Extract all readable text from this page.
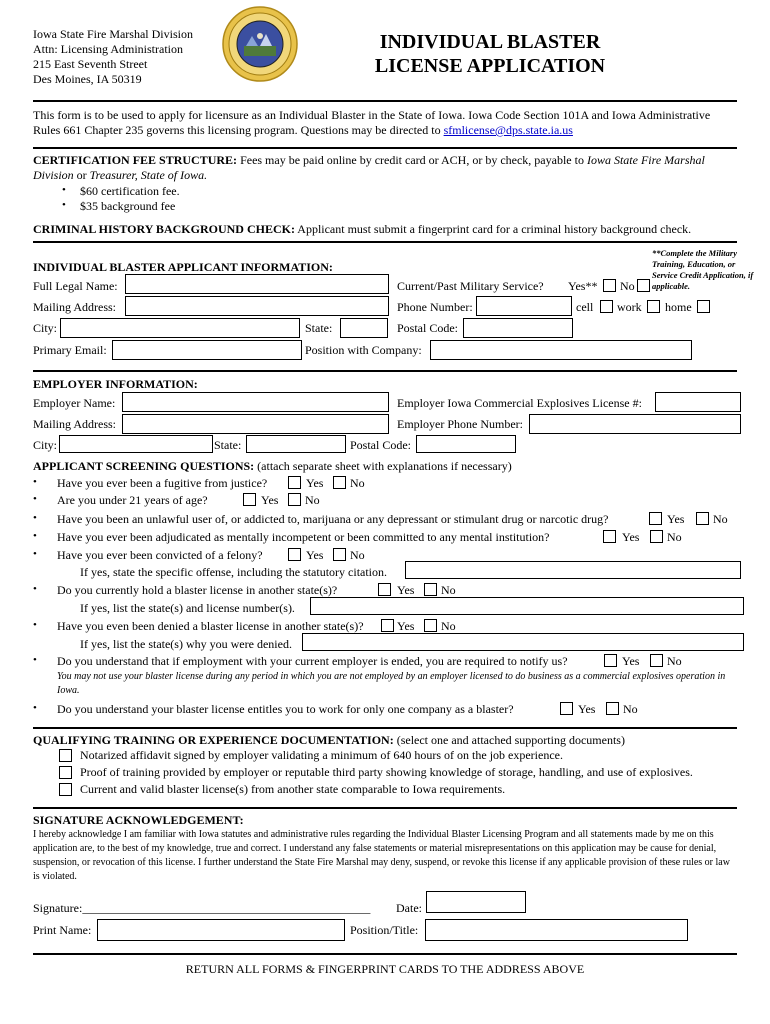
Iowa State Fire Marshal Division
Attn: Licensing Administration
215 East Seventh Street
Des Moines, IA 50319
INDIVIDUAL BLASTER
LICENSE APPLICATION
This form is to be used to apply for licensure as an Individual Blaster in the State of Iowa. Iowa Code Section 101A and Iowa Administrative Rules 661 Chapter 235 governs this licensing program. Questions may be directed to sfmlicense@dps.state.ia.us
CERTIFICATION FEE STRUCTURE: Fees may be paid online by credit card or ACH, or by check, payable to Iowa State Fire Marshal Division or Treasurer, State of Iowa.
• $60 certification fee.
• $35 background fee
CRIMINAL HISTORY BACKGROUND CHECK: Applicant must submit a fingerprint card for a criminal history background check.
**Complete the Military Training, Education, or Service Credit Application, if applicable.
INDIVIDUAL BLASTER APPLICANT INFORMATION:
Full Legal Name:	Current/Past Military Service? Yes** No
Mailing Address:	Phone Number:	cell work home
City:	State:	Postal Code:
Primary Email:	Position with Company:
EMPLOYER INFORMATION:
Employer Name:	Employer Iowa Commercial Explosives License #:
Mailing Address:	Employer Phone Number:
City:	State:	Postal Code:
APPLICANT SCREENING QUESTIONS: (attach separate sheet with explanations if necessary)
• Have you ever been a fugitive from justice?	Yes No
• Are you under 21 years of age?	Yes No
• Have you been an unlawful user of, or addicted to, marijuana or any depressant or stimulant drug or narcotic drug?	Yes No
• Have you ever been adjudicated as mentally incompetent or been committed to any mental institution?	Yes No
• Have you ever been convicted of a felony?	Yes No
If yes, state the specific offense, including the statutory citation.
• Do you currently hold a blaster license in another state(s)?	Yes No
If yes, list the state(s) and license number(s).
• Have you even been denied a blaster license in another state(s)?	Yes No
If yes, list the state(s) why you were denied.
• Do you understand that if employment with your current employer is ended, you are required to notify us?	Yes No
You may not use your blaster license during any period in which you are not employed by an employer licensed to do business as a commercial explosives operation in Iowa.
• Do you understand your blaster license entitles you to work for only one company as a blaster?	Yes No
QUALIFYING TRAINING OR EXPERIENCE DOCUMENTATION: (select one and attached supporting documents)
Notarized affidavit signed by employer validating a minimum of 640 hours of on the job experience.
Proof of training provided by employer or reputable third party showing knowledge of storage, handling, and use of explosives.
Current and valid blaster license(s) from another state comparable to Iowa requirements.
SIGNATURE ACKNOWLEDGEMENT:
I hereby acknowledge I am familiar with Iowa statutes and administrative rules regarding the Individual Blaster Licensing Program and all statements made by me on this application are, to the best of my knowledge, true and correct. I understand any false statements or material misrepresentations on this application may be cause for denial, suspension, or revocation of this license. I further understand the State Fire Marshal may deny, suspend, or revoke this license if any applicable provision of these rules or law is violated.
Signature:________________________________________________ Date:
Print Name:	Position/Title:
RETURN ALL FORMS & FINGERPRINT CARDS TO THE ADDRESS ABOVE
